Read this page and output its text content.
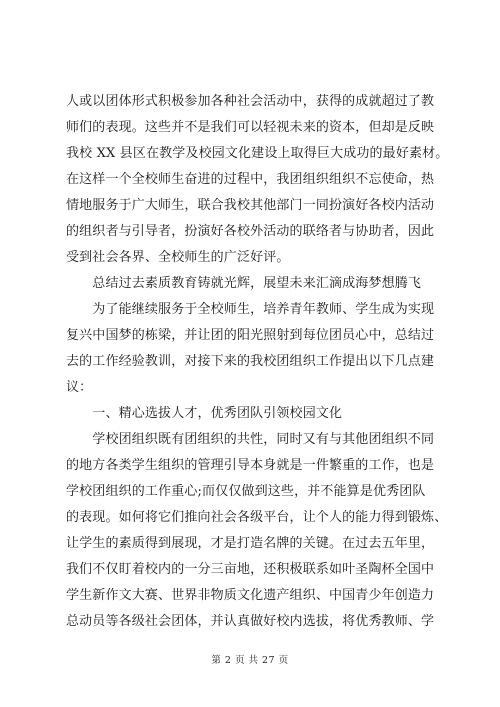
人或以团体形式积极参加各种社会活动中，获得的成就超过了教
师们的表现。这些并不是我们可以轻视未来的资本，但却是反映
我校 XX 县区在教学及校园文化建设上取得巨大成功的最好素材。
在这样一个全校师生奋进的过程中，我团组织组织不忘使命，热
情地服务于广大师生，联合我校其他部门一同扮演好各校内活动
的组织者与引导者，扮演好各校外活动的联络者与协助者，因此
受到社会各界、全校师生的广泛好评。
　　总结过去素质教育铸就光辉，展望未来汇滴成海梦想腾飞
　　为了能继续服务于全校师生，培养青年教师、学生成为实现
复兴中国梦的栋梁，并让团的阳光照射到每位团员心中，总结过
去的工作经验教训，对接下来的我校团组织工作提出以下几点建
议：
　　一、精心选拔人才，优秀团队引领校园文化
　　学校团组织既有团组织的共性，同时又有与其他团组织不同
的地方各类学生组织的管理引导本身就是一件繁重的工作，也是
学校团组织的工作重心;而仅仅做到这些，并不能算是优秀团队
的表现。如何将它们推向社会各级平台，让个人的能力得到锻炼、
让学生的素质得到展现，才是打造名牌的关键。在过去五年里，
我们不仅盯着校内的一分三亩地，还积极联系如叶圣陶杯全国中
学生新作文大赛、世界非物质文化遗产组织、中国青少年创造力
总动员等各级社会团体，并认真做好校内选拔，将优秀教师、学
第 2 页 共 27 页
